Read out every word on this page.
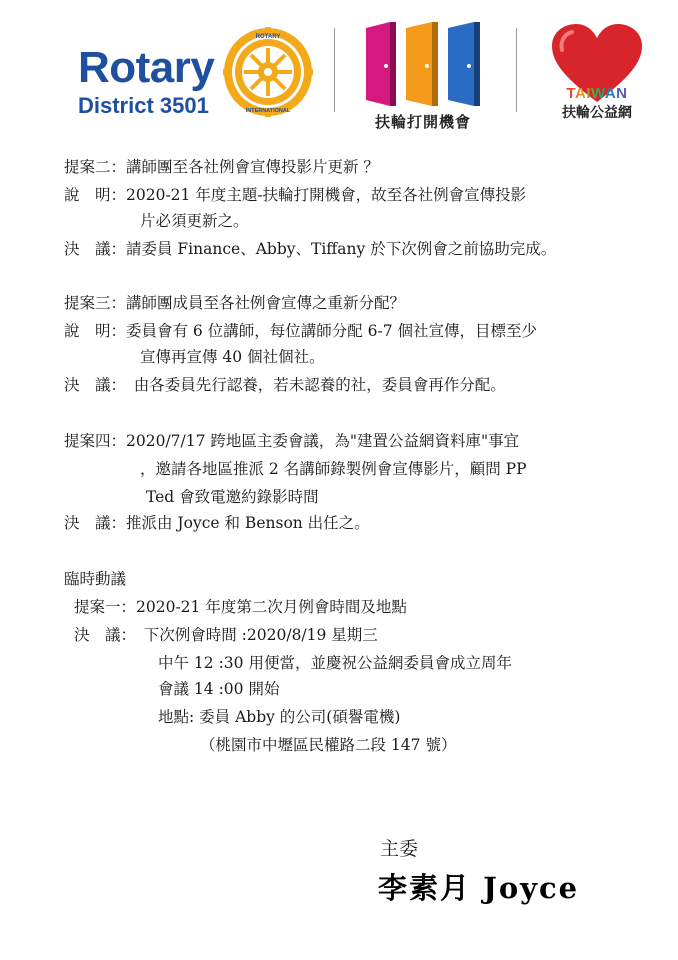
Rotary
District 3501
ROTARY
INTERNATIONAL
扶輪打開機會
TAIWAN
扶輪公益網
提案二：講師團至各社例會宣傳投影片更新 ？
說　明：2020-21 年度主題-扶輪打開機會，故至各社例會宣傳投影
片必須更新之。
決　議：請委員 Finance、Abby、Tiffany 於下次例會之前協助完成。
提案三：講師團成員至各社例會宣傳之重新分配？
說　明：委員會有 6 位講師，每位講師分配 6-7 個社宣傳，目標至少
宣傳再宣傳 40 個社個社。
決　議：　由各委員先行認養，若未認養的社，委員會再作分配。
提案四：2020/7/17 跨地區主委會議，為"建置公益網資料庫"事宜
，邀請各地區推派 2 名講師錄製例會宣傳影片，顧問 PP
Ted 會致電邀約錄影時間
決　議：推派由 Joyce 和 Benson 出任之。
臨時動議
提案一：2020-21 年度第二次月例會時間及地點
決　議：　下次例會時間 :2020/8/19 星期三
中午 12 :30 用便當，並慶祝公益網委員會成立周年
會議 14 :00 開始
地點: 委員 Abby 的公司(碩譽電機)
（桃園市中壢區民權路二段 147 號）
主委
李素月 Joyce
